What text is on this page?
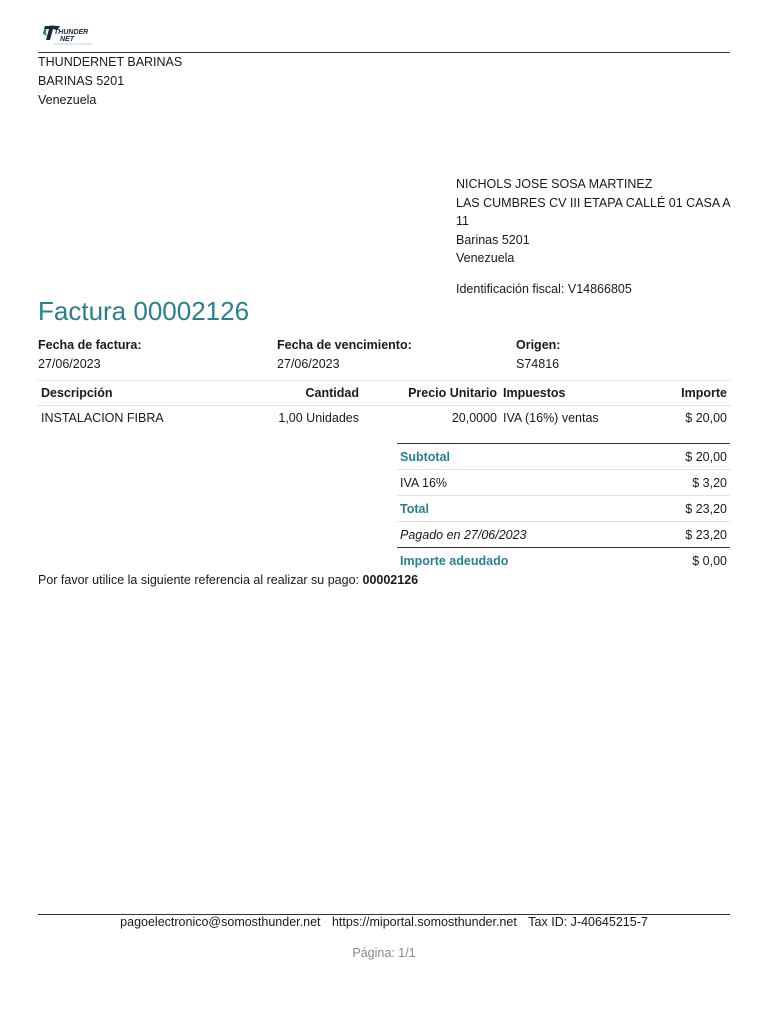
THUNDER
NET
THUNDERNET BARINAS
BARINAS 5201
Venezuela
NICHOLS JOSE SOSA MARTINEZ
LAS CUMBRES CV III ETAPA CALLÉ 01 CASA A 11
Barinas 5201
Venezuela
Identificación fiscal: V14866805
Factura 00002126
Fecha de factura:
27/06/2023
Fecha de vencimiento:
27/06/2023
Origen:
S74816
Descripción	Cantidad	Precio Unitario	Impuestos	Importe
INSTALACION FIBRA	1,00 Unidades	20,0000	IVA (16%) ventas	$ 20,00
Subtotal	$ 20,00
IVA 16%	$ 3,20
Total	$ 23,20
Pagado en 27/06/2023	$ 23,20
Importe adeudado	$ 0,00
Por favor utilice la siguiente referencia al realizar su pago: 00002126
pagoelectronico@somosthunder.net https://miportal.somosthunder.net Tax ID: J-40645215-7
Página: 1/1
